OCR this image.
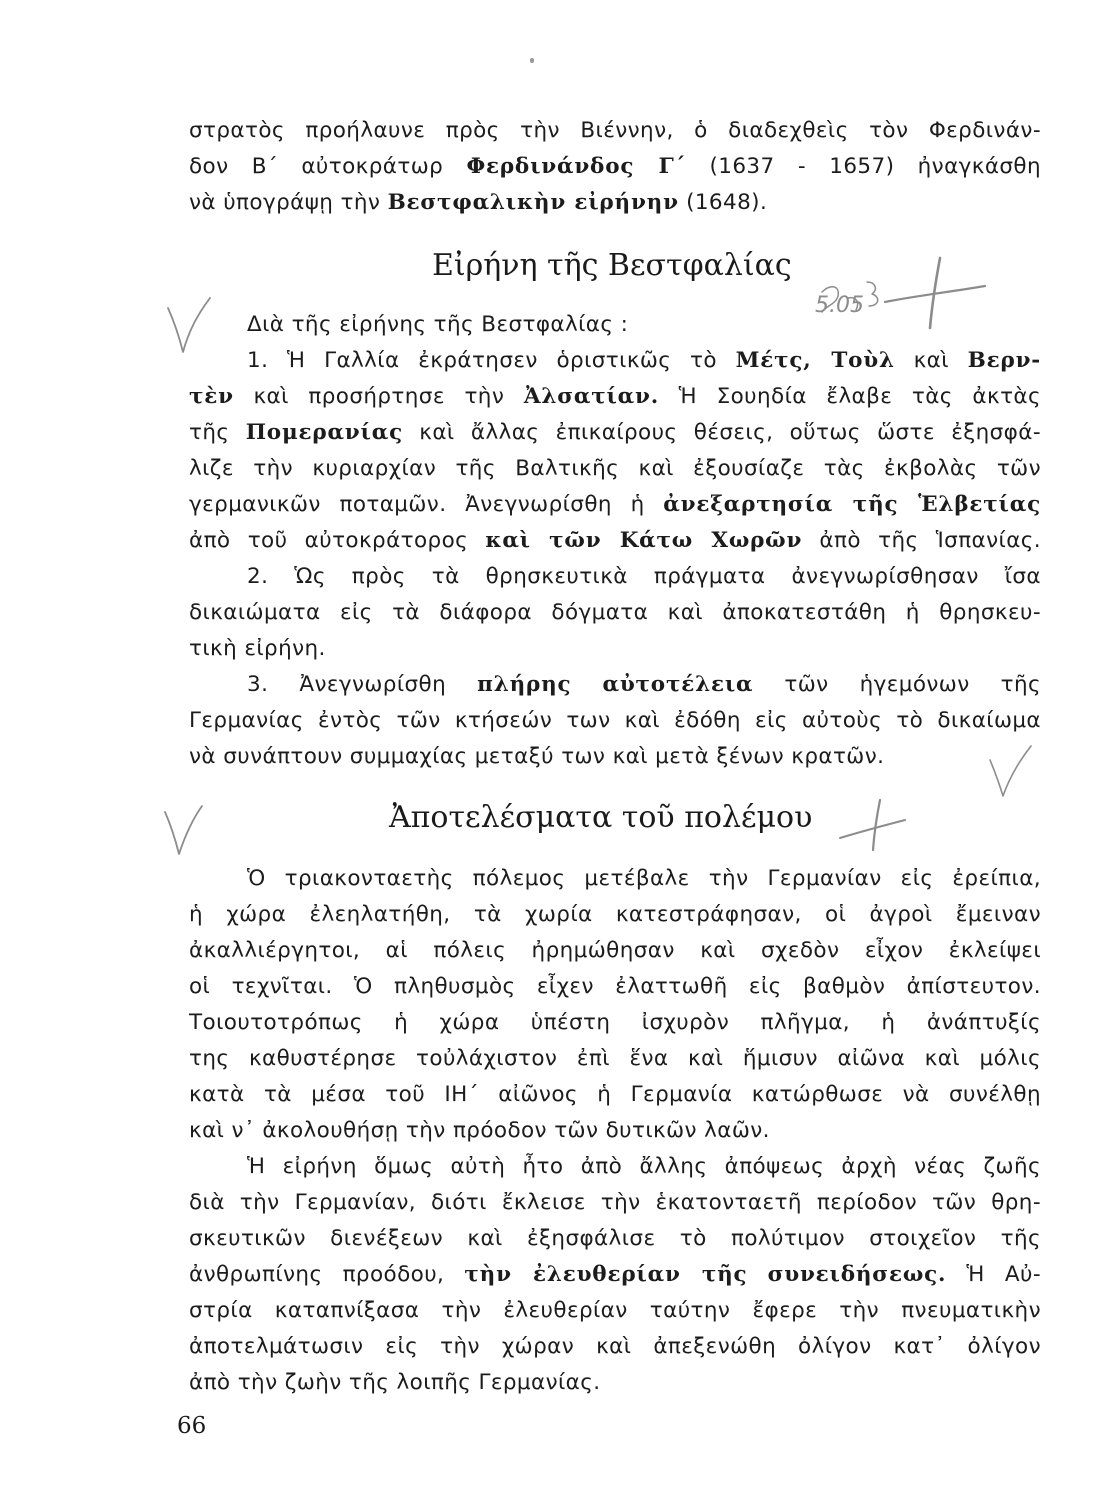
στρατὸς προήλαυνε πρὸς τὴν Βιέννην, ὁ διαδεχθεὶς τὸν Φερδινάν-
δον Β΄ αὐτοκράτωρ Φερδινάνδος Γ΄ (1637 - 1657) ἠναγκάσθη
νὰ ὑπογράψῃ τὴν Βεστφαλικὴν εἰρήνην (1648).
Εἰρήνη τῆς Βεστφαλίας
Διὰ τῆς εἰρήνης τῆς Βεστφαλίας :
1. Ἡ Γαλλία ἐκράτησεν ὁριστικῶς τὸ Μέτς, Τοὺλ καὶ Βερν-
τὲν καὶ προσήρτησε τὴν Ἀλσατίαν. Ἡ Σουηδία ἔλαβε τὰς ἀκτὰς
τῆς Πομερανίας καὶ ἄλλας ἐπικαίρους θέσεις, οὕτως ὥστε ἐξησφά-
λιζε τὴν κυριαρχίαν τῆς Βαλτικῆς καὶ ἐξουσίαζε τὰς ἐκβολὰς τῶν
γερμανικῶν ποταμῶν. Ἀνεγνωρίσθη ἡ ἀνεξαρτησία τῆς Ἑλβετίας
ἀπὸ τοῦ αὐτοκράτορος καὶ τῶν Κάτω Χωρῶν ἀπὸ τῆς Ἱσπανίας.
2. Ὡς πρὸς τὰ θρησκευτικὰ πράγματα ἀνεγνωρίσθησαν ἴσα
δικαιώματα εἰς τὰ διάφορα δόγματα καὶ ἀποκατεστάθη ἡ θρησκευ-
τικὴ εἰρήνη.
3. Ἀνεγνωρίσθη πλήρης αὐτοτέλεια τῶν ἡγεμόνων τῆς
Γερμανίας ἐντὸς τῶν κτήσεών των καὶ ἐδόθη εἰς αὐτοὺς τὸ δικαίωμα
νὰ συνάπτουν συμμαχίας μεταξύ των καὶ μετὰ ξένων κρατῶν.
Ἀποτελέσματα τοῦ πολέμου
Ὁ τριακονταετὴς πόλεμος μετέβαλε τὴν Γερμανίαν εἰς ἐρείπια,
ἡ χώρα ἐλεηλατήθη, τὰ χωρία κατεστράφησαν, οἱ ἀγροὶ ἔμειναν
ἀκαλλιέργητοι, αἱ πόλεις ἠρημώθησαν καὶ σχεδὸν εἶχον ἐκλείψει
οἱ τεχνῖται. Ὁ πληθυσμὸς εἶχεν ἐλαττωθῆ εἰς βαθμὸν ἀπίστευτον.
Τοιουτοτρόπως ἡ χώρα ὑπέστη ἰσχυρὸν πλῆγμα, ἡ ἀνάπτυξίς
της καθυστέρησε τοὐλάχιστον ἐπὶ ἕνα καὶ ἥμισυν αἰῶνα καὶ μόλις
κατὰ τὰ μέσα τοῦ ΙΗ΄ αἰῶνος ἡ Γερμανία κατώρθωσε νὰ συνέλθῃ
καὶ ν᾽ ἀκολουθήσῃ τὴν πρόοδον τῶν δυτικῶν λαῶν.
Ἡ εἰρήνη ὅμως αὐτὴ ἦτο ἀπὸ ἄλλης ἀπόψεως ἀρχὴ νέας ζωῆς
διὰ τὴν Γερμανίαν, διότι ἔκλεισε τὴν ἑκατονταετῆ περίοδον τῶν θρη-
σκευτικῶν διενέξεων καὶ ἐξησφάλισε τὸ πολύτιμον στοιχεῖον τῆς
ἀνθρωπίνης προόδου, τὴν ἐλευθερίαν τῆς συνειδήσεως. Ἡ Αὐ-
στρία καταπνίξασα τὴν ἐλευθερίαν ταύτην ἔφερε τὴν πνευματικὴν
ἀποτελμάτωσιν εἰς τὴν χώραν καὶ ἀπεξενώθη ὀλίγον κατ᾽ ὀλίγον
ἀπὸ τὴν ζωὴν τῆς λοιπῆς Γερμανίας.
66
5.05
